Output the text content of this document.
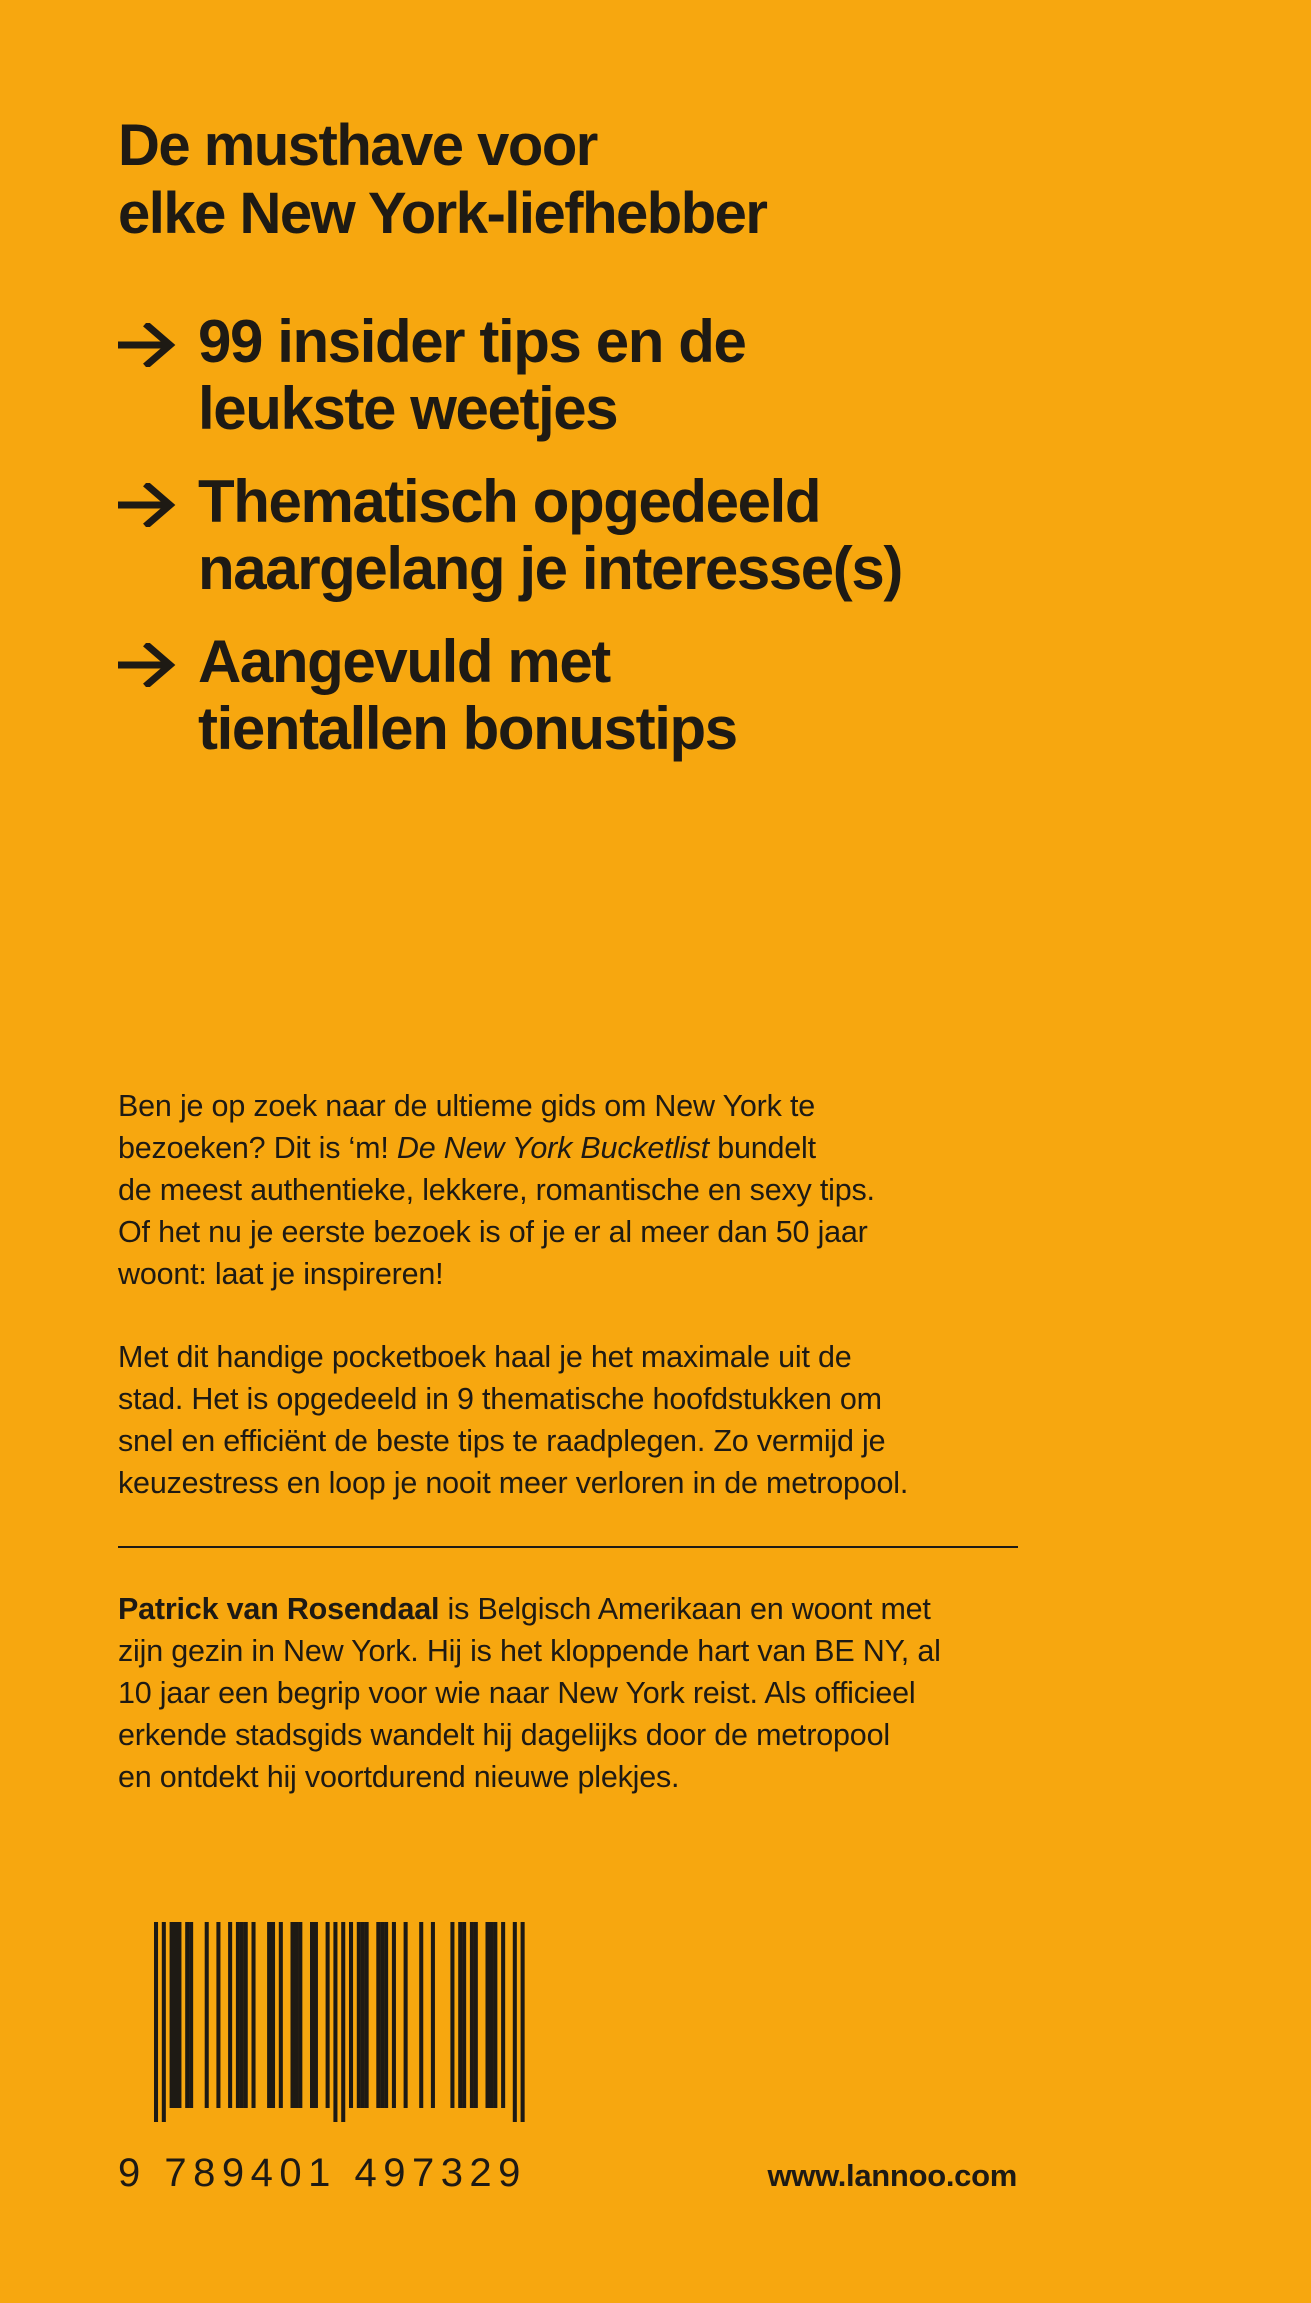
De musthave voor
elke New York-liefhebber
99 insider tips en de
leukste weetjes
Thematisch opgedeeld
naargelang je interesse(s)
Aangevuld met
tientallen bonustips

Ben je op zoek naar de ultieme gids om New York te
bezoeken? Dit is ‘m! De New York Bucketlist bundelt
de meest authentieke, lekkere, romantische en sexy tips.
Of het nu je eerste bezoek is of je er al meer dan 50 jaar
woont: laat je inspireren!

Met dit handige pocketboek haal je het maximale uit de
stad. Het is opgedeeld in 9 thematische hoofdstukken om
snel en efficiënt de beste tips te raadplegen. Zo vermijd je
keuzestress en loop je nooit meer verloren in de metropool.

Patrick van Rosendaal is Belgisch Amerikaan en woont met
zijn gezin in New York. Hij is het kloppende hart van BE NY, al
10 jaar een begrip voor wie naar New York reist. Als officieel
erkende stadsgids wandelt hij dagelijks door de metropool
en ontdekt hij voortdurend nieuwe plekjes.

9 789401 497329	www.lannoo.com
